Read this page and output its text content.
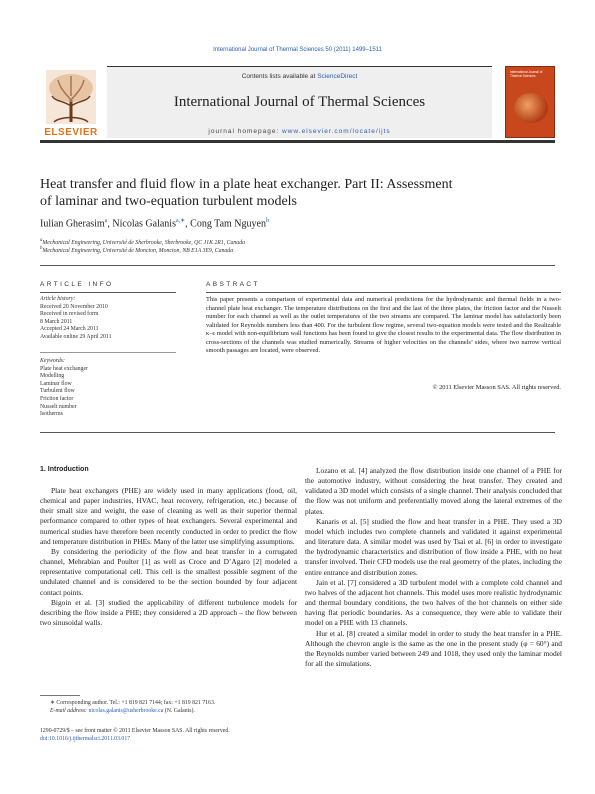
International Journal of Thermal Sciences 50 (2011) 1499–1511
ELSEVIER
Contents lists available at ScienceDirect
International Journal of Thermal Sciences
journal homepage: www.elsevier.com/locate/ijts
International Journal of Thermal Sciences
Heat transfer and fluid flow in a plate heat exchanger. Part II: Assessment
of laminar and two-equation turbulent models
Iulian Gherasim$^a$, Nicolas Galanis$^{a,∗}$, Cong Tam Nguyen$^b$
$^a$Mechanical Engineering, Université de Sherbrooke, Sherbrooke, QC J1K 2R1, Canada
$^b$Mechanical Engineering, Université de Moncton, Moncton, NB E1A 3E9, Canada
ARTICLE INFO
Article history:
Received 20 November 2010
Received in revised form
8 March 2011
Accepted 24 March 2011
Available online 29 April 2011
Keywords:
Plate heat exchanger
Modelling
Laminar flow
Turbulent flow
Friction factor
Nusselt number
Isotherms
ABSTRACT
This paper presents a comparison of experimental data and numerical predictions for the hydrodynamic and thermal fields in a two-channel plate heat exchanger. The temperature distributions on the first and the last of the three plates, the friction factor and the Nusselt number for each channel as well as the outlet temperatures of the two streams are compared. The laminar model has satisfactorily been validated for Reynolds numbers less than 400. For the turbulent flow regime, several two-equation models were tested and the Realizable κ–ε model with non-equilibrium wall functions has been found to give the closest results to the experimental data. The flow distribution in cross-sections of the channels was studied numerically. Streams of higher velocities on the channels’ sides, where two narrow vertical smooth passages are located, were observed.
© 2011 Elsevier Masson SAS. All rights reserved.
1. Introduction

Plate heat exchangers (PHE) are widely used in many applications (food, oil, chemical and paper industries, HVAC, heat recovery, refrigeration, etc.) because of their small size and weight, the ease of cleaning as well as their superior thermal performance compared to other types of heat exchangers. Several experimental and numerical studies have therefore been recently conducted in order to predict the flow and temperature distribution in PHEs. Many of the latter use simplifying assumptions.

By considering the periodicity of the flow and heat transfer in a corrugated channel, Mehrabian and Poulter [1] as well as Croce and D’Agaro [2] modeled a representative computational cell. This cell is the smallest possible segment of the undulated channel and is considered to be the section bounded by four adjacent contact points.

Bigoin et al. [3] studied the applicability of different turbulence models for describing the flow inside a PHE; they considered a 2D approach – the flow between two sinusoidal walls.

Lozano et al. [4] analyzed the flow distribution inside one channel of a PHE for the automotive industry, without considering the heat transfer. They created and validated a 3D model which consists of a single channel. Their analysis concluded that the flow was not uniform and preferentially moved along the lateral extremes of the plates.

Kanaris et al. [5] studied the flow and heat transfer in a PHE. They used a 3D model which includes two complete channels and validated it against experimental and literature data. A similar model was used by Tsai et al. [6] in order to investigate the hydrodynamic characteristics and distribution of flow inside a PHE, with no heat transfer involved. Their CFD models use the real geometry of the plates, including the entire entrance and distribution zones.

Jain et al. [7] considered a 3D turbulent model with a complete cold channel and two halves of the adjacent hot channels. This model uses more realistic hydrodynamic and thermal boundary conditions, the two halves of the hot channels on either side having flat periodic boundaries. As a consequence, they were able to validate their model on a PHE with 13 channels.

Hur et al. [8] created a similar model in order to study the heat transfer in a PHE. Although the chevron angle is the same as the one in the present study (φ = 60°) and the Reynolds number varied between 249 and 1018, they used only the laminar model for all the simulations.

∗ Corresponding author. Tel.: +1 819 821 7144; fax: +1 819 821 7163.
E-mail address: nicolas.galanis@usherbrooke.ca (N. Galanis).
1290-0729/$ – see front matter © 2011 Elsevier Masson SAS. All rights reserved.
doi:10.1016/j.ijthermalsci.2011.03.017
